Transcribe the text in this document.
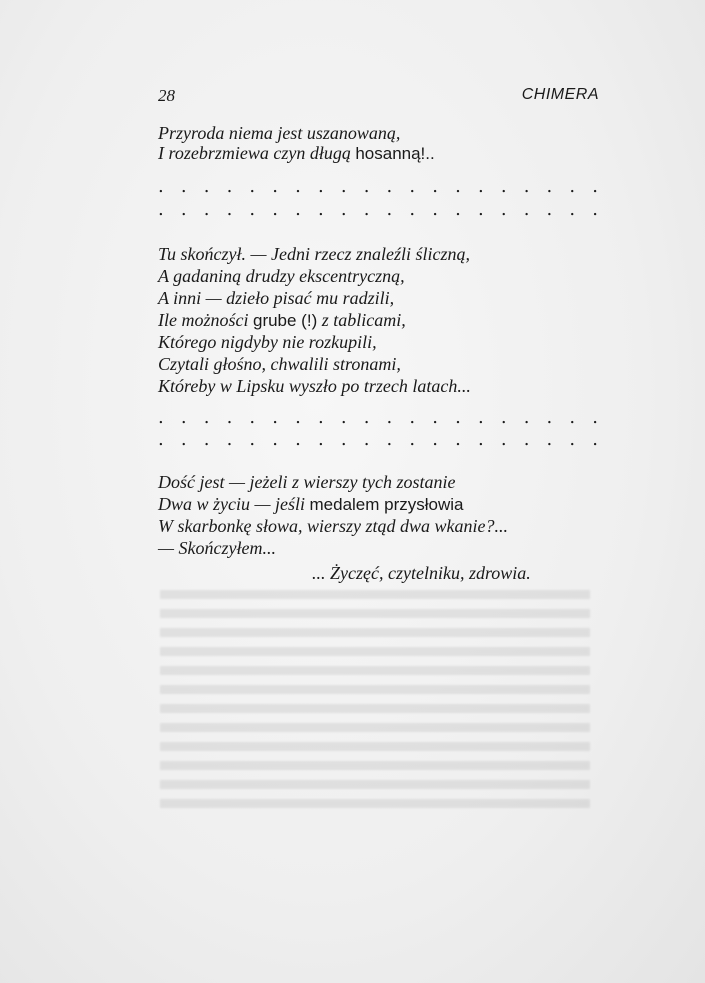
28	CHIMERA
Przyroda niema jest uszanowaną,
I rozebrzmiewa czyn długą hosanną!..
. . . . . . . . . . . . . . . . . . . .
. . . . . . . . . . . . . . . . . . . .
Tu skończył. — Jedni rzecz znaleźli śliczną,
A gadaniną drudzy ekscentryczną,
A inni — dzieło pisać mu radzili,
Ile możności grube (!) z tablicami,
Którego nigdyby nie rozkupili,
Czytali głośno, chwalili stronami,
Któreby w Lipsku wyszło po trzech latach...
. . . . . . . . . . . . . . . . . . . .
. . . . . . . . . . . . . . . . . . . .
Dość jest — jeżeli z wierszy tych zostanie
Dwa w życiu — jeśli medalem przysłowia
W skarbonkę słowa, wierszy ztąd dwa wkanie?...
— Skończyłem...
... Życzęć, czytelniku, zdrowia.
